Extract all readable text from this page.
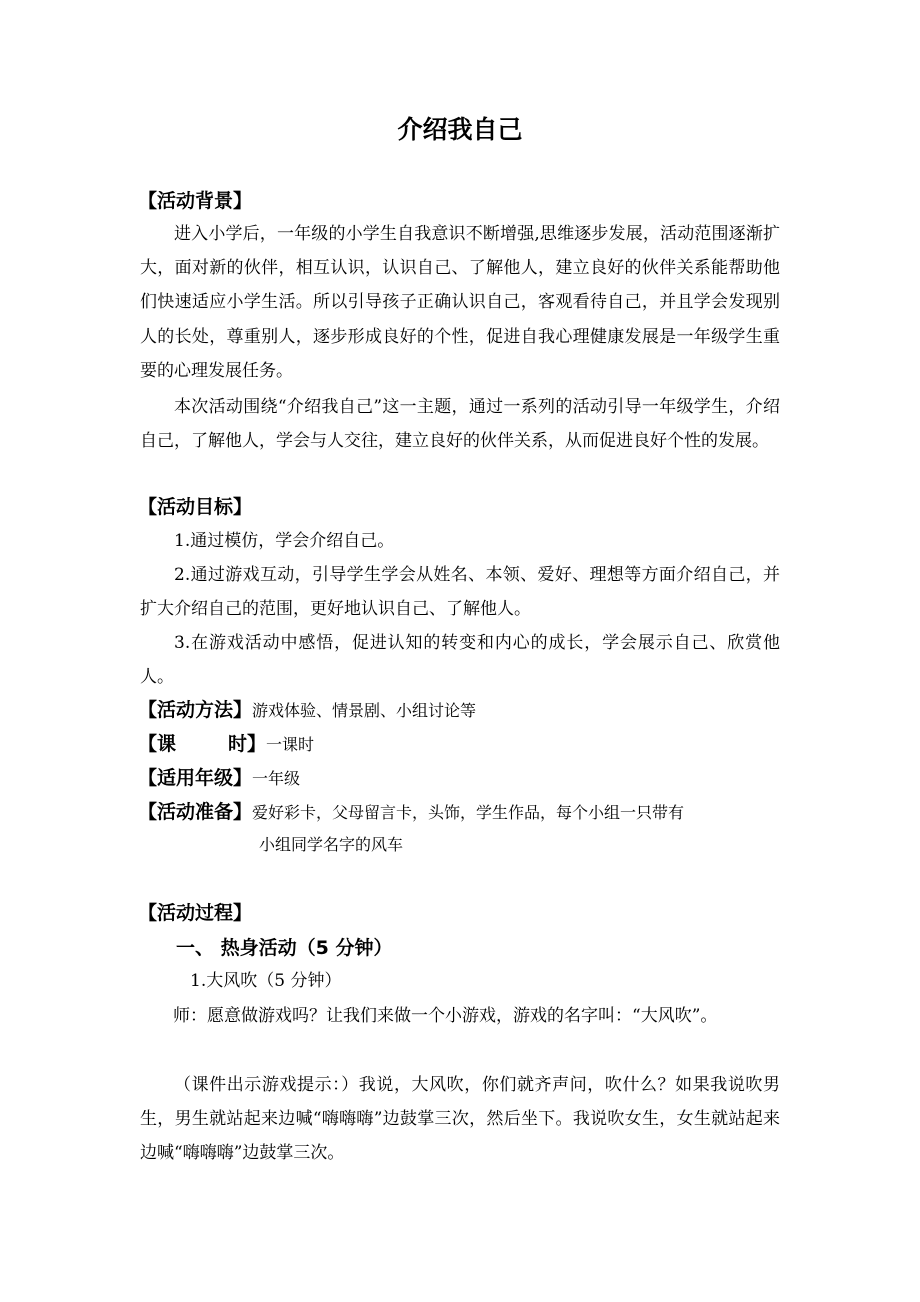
介绍我自己
【活动背景】

进入小学后，一年级的小学生自我意识不断增强,思维逐步发展，活动范围逐渐扩大，面对新的伙伴，相互认识，认识自己、了解他人，建立良好的伙伴关系能帮助他们快速适应小学生活。所以引导孩子正确认识自己，客观看待自己，并且学会发现别人的长处，尊重别人，逐步形成良好的个性，促进自我心理健康发展是一年级学生重要的心理发展任务。

本次活动围绕“介绍我自己”这一主题，通过一系列的活动引导一年级学生，介绍自己，了解他人，学会与人交往，建立良好的伙伴关系，从而促进良好个性的发展。

【活动目标】

1.通过模仿，学会介绍自己。

2.通过游戏互动，引导学生学会从姓名、本领、爱好、理想等方面介绍自己，并扩大介绍自己的范围，更好地认识自己、了解他人。

3.在游戏活动中感悟，促进认知的转变和内心的成长，学会展示自己、欣赏他人。

【活动方法】游戏体验、情景剧、小组讨论等
【课	时】一课时
【适用年级】一年级
【活动准备】爱好彩卡，父母留言卡，头饰，学生作品，每个小组一只带有
小组同学名字的风车
【活动过程】
一、 热身活动（5 分钟）
1.大风吹（5 分钟）
师：愿意做游戏吗？让我们来做一个小游戏，游戏的名字叫：“大风吹”。

（课件出示游戏提示：）我说，大风吹，你们就齐声问，吹什么？如果我说吹男生，男生就站起来边喊“嗨嗨嗨”边鼓掌三次，然后坐下。我说吹女生，女生就站起来边喊“嗨嗨嗨”边鼓掌三次。
